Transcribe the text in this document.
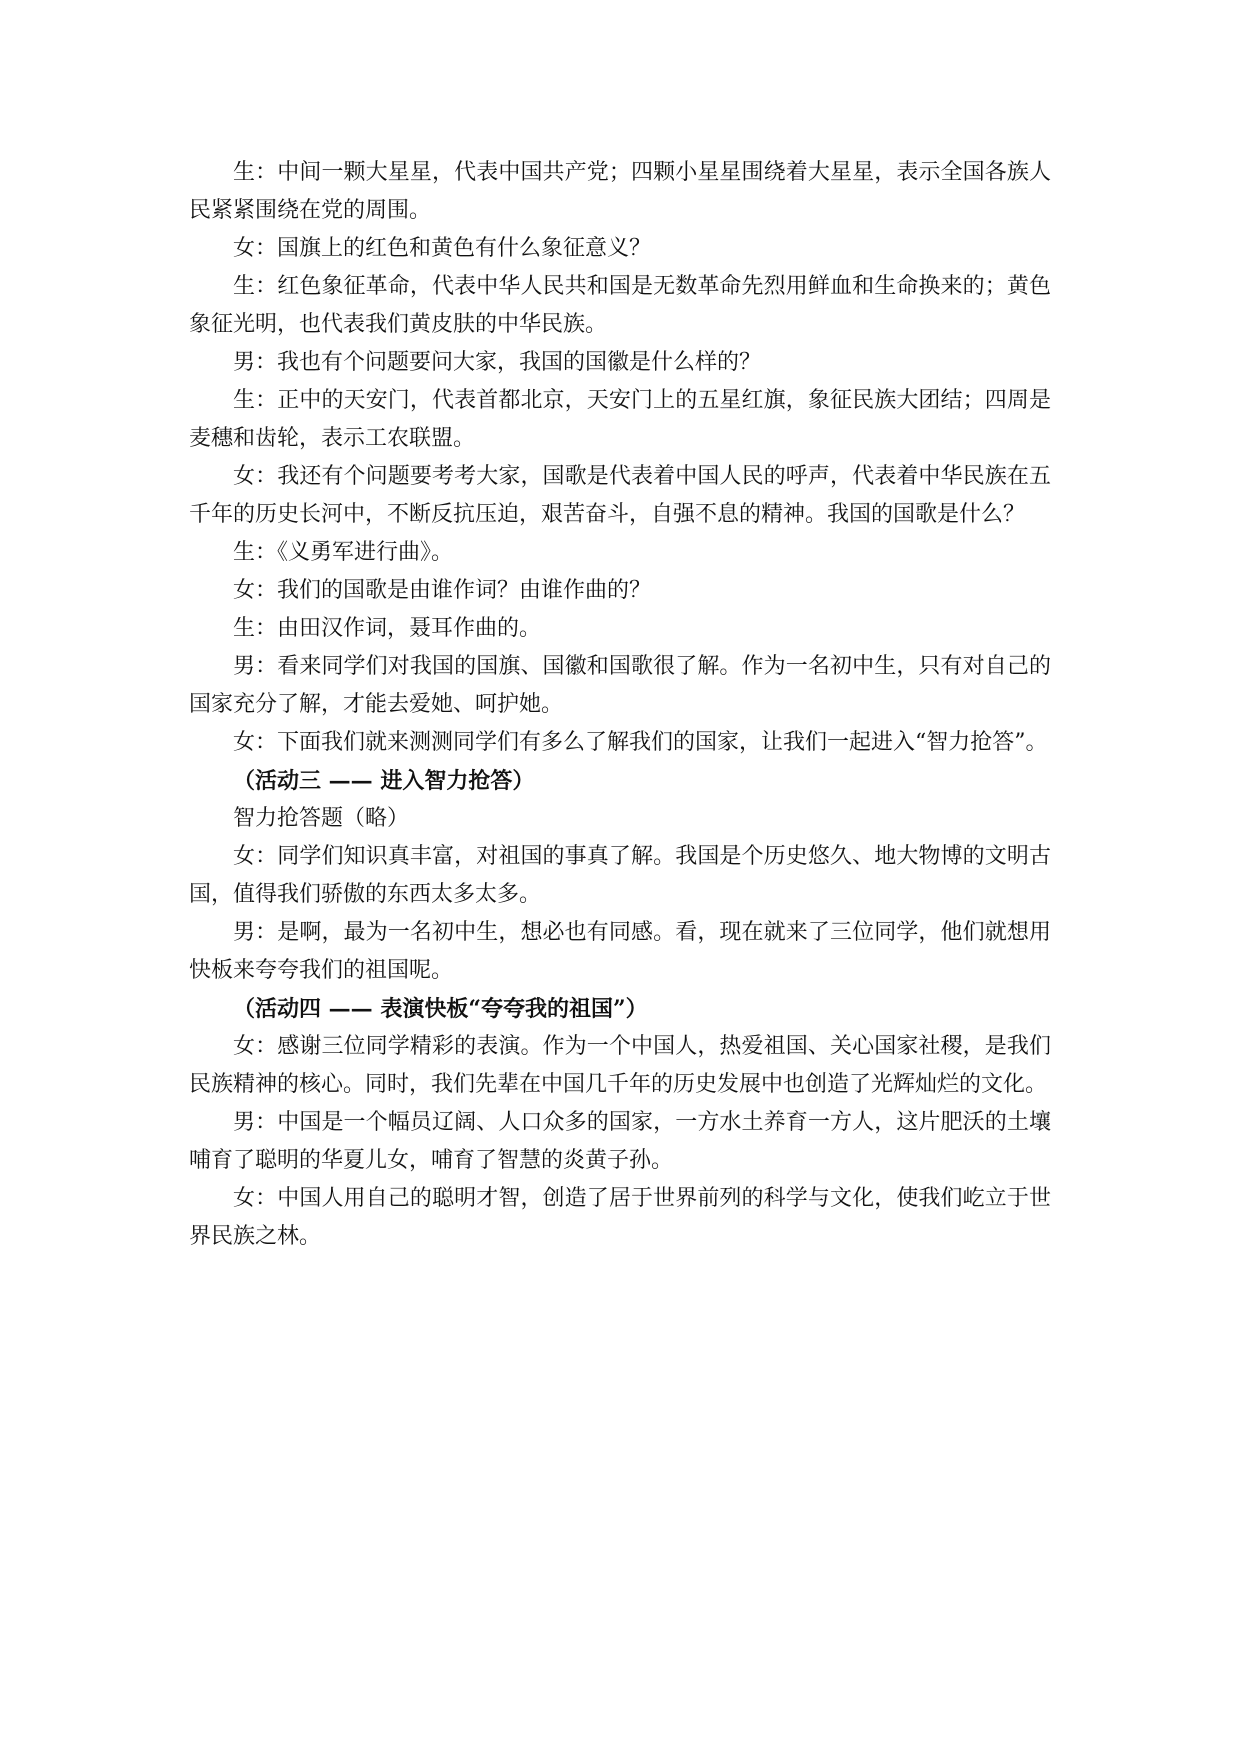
生：中间一颗大星星，代表中国共产党；四颗小星星围绕着大星星，表示全国各族人民紧紧围绕在党的周围。

女：国旗上的红色和黄色有什么象征意义？

生：红色象征革命，代表中华人民共和国是无数革命先烈用鲜血和生命换来的；黄色象征光明，也代表我们黄皮肤的中华民族。

男：我也有个问题要问大家，我国的国徽是什么样的？

生：正中的天安门，代表首都北京，天安门上的五星红旗，象征民族大团结；四周是麦穗和齿轮，表示工农联盟。

女：我还有个问题要考考大家，国歌是代表着中国人民的呼声，代表着中华民族在五千年的历史长河中，不断反抗压迫，艰苦奋斗，自强不息的精神。我国的国歌是什么？

生：《义勇军进行曲》。

女：我们的国歌是由谁作词？由谁作曲的？

生：由田汉作词，聂耳作曲的。

男：看来同学们对我国的国旗、国徽和国歌很了解。作为一名初中生，只有对自己的国家充分了解，才能去爱她、呵护她。

女：下面我们就来测测同学们有多么了解我们的国家，让我们一起进入“智力抢答”。

（活动三 —— 进入智力抢答）

智力抢答题（略）

女：同学们知识真丰富，对祖国的事真了解。我国是个历史悠久、地大物博的文明古国，值得我们骄傲的东西太多太多。

男：是啊，最为一名初中生，想必也有同感。看，现在就来了三位同学，他们就想用快板来夸夸我们的祖国呢。

（活动四 —— 表演快板“夸夸我的祖国”）

女：感谢三位同学精彩的表演。作为一个中国人，热爱祖国、关心国家社稷，是我们民族精神的核心。同时，我们先辈在中国几千年的历史发展中也创造了光辉灿烂的文化。

男：中国是一个幅员辽阔、人口众多的国家，一方水土养育一方人，这片肥沃的土壤哺育了聪明的华夏儿女，哺育了智慧的炎黄子孙。

女：中国人用自己的聪明才智，创造了居于世界前列的科学与文化，使我们屹立于世界民族之林。
